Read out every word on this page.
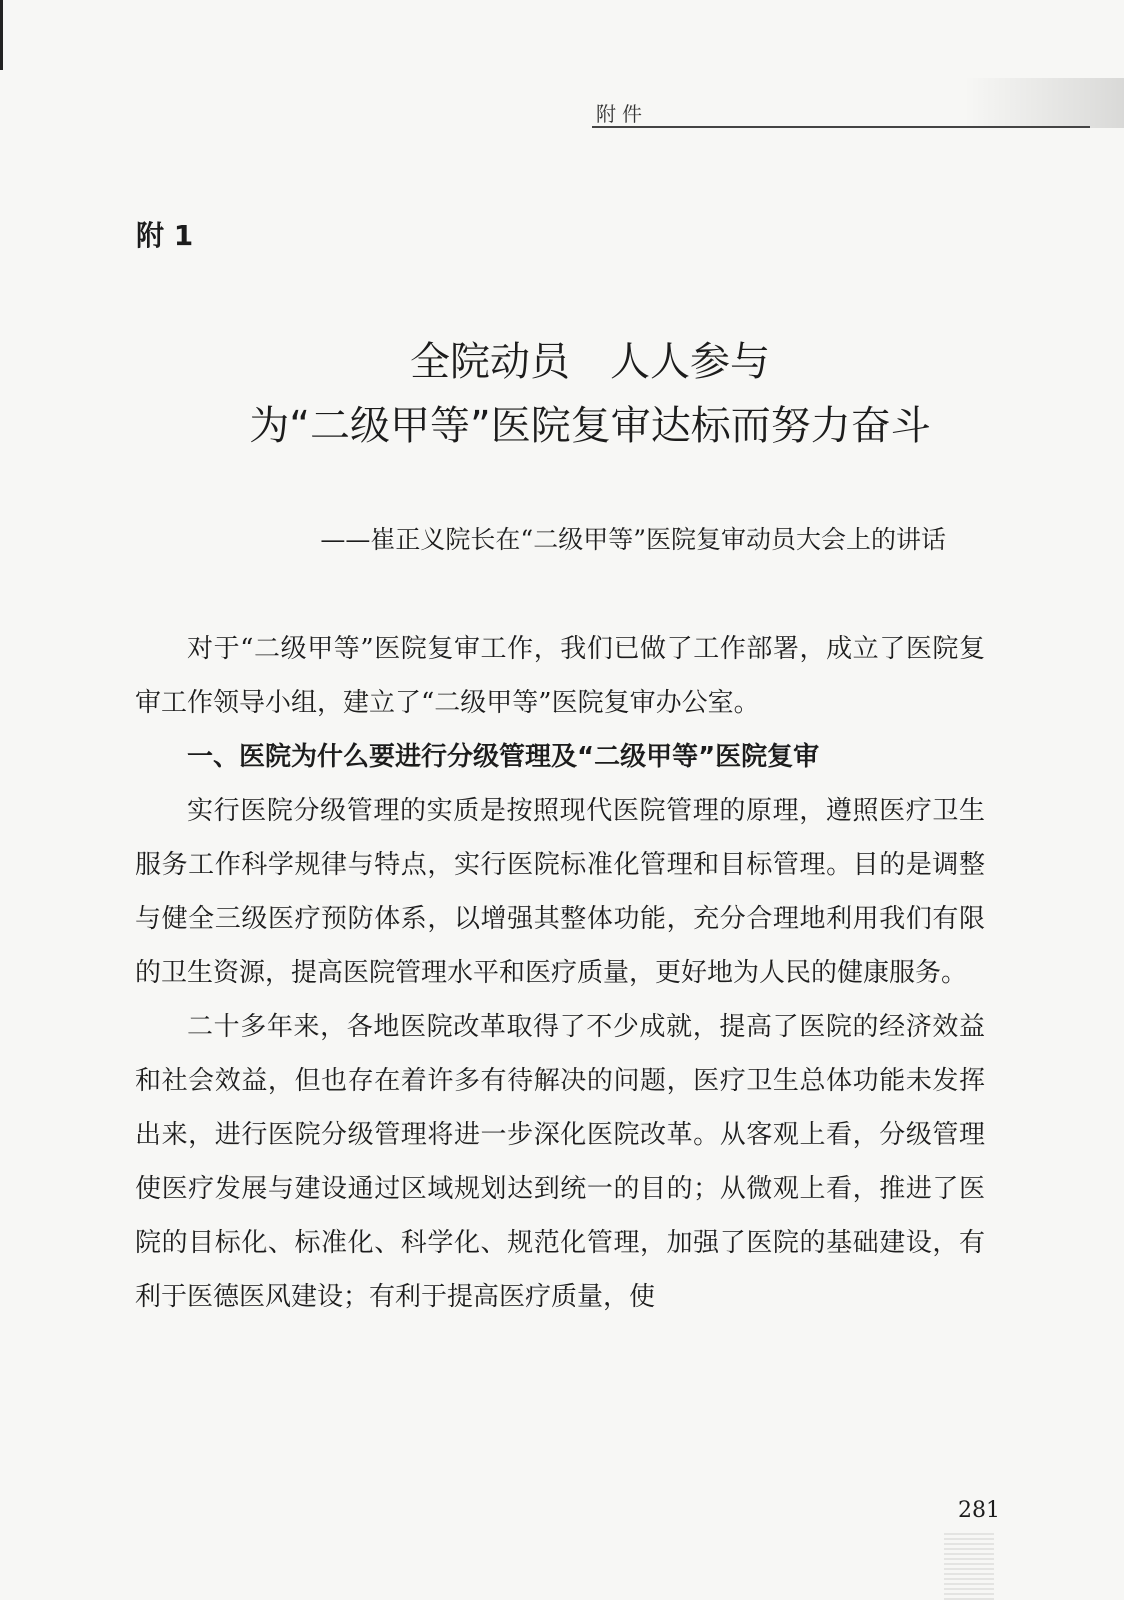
附件
附 1
全院动员　人人参与
为“二级甲等”医院复审达标而努力奋斗
——崔正义院长在“二级甲等”医院复审动员大会上的讲话

对于“二级甲等”医院复审工作，我们已做了工作部署，成立了医院复审工作领导小组，建立了“二级甲等”医院复审办公室。

一、医院为什么要进行分级管理及“二级甲等”医院复审

实行医院分级管理的实质是按照现代医院管理的原理，遵照医疗卫生服务工作科学规律与特点，实行医院标准化管理和目标管理。目的是调整与健全三级医疗预防体系，以增强其整体功能，充分合理地利用我们有限的卫生资源，提高医院管理水平和医疗质量，更好地为人民的健康服务。

二十多年来，各地医院改革取得了不少成就，提高了医院的经济效益和社会效益，但也存在着许多有待解决的问题，医疗卫生总体功能未发挥出来，进行医院分级管理将进一步深化医院改革。从客观上看，分级管理使医疗发展与建设通过区域规划达到统一的目的；从微观上看，推进了医院的目标化、标准化、科学化、规范化管理，加强了医院的基础建设，有利于医德医风建设；有利于提高医疗质量，使

281
